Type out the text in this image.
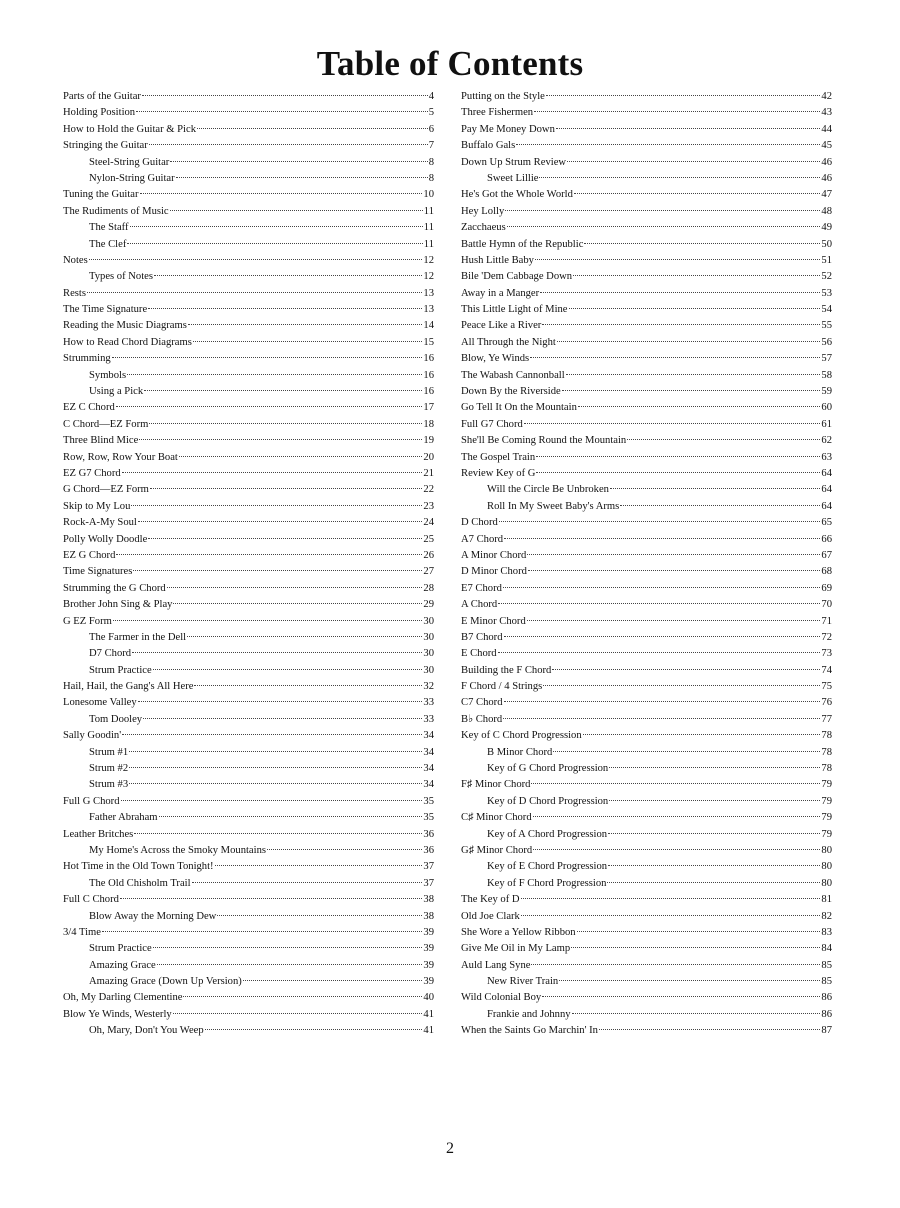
Table of Contents
Parts of the Guitar	4
Holding Position	5
How to Hold the Guitar & Pick	6
Stringing the Guitar	7
Steel-String Guitar	8
Nylon-String Guitar	8
Tuning the Guitar	10
The Rudiments of Music	11
The Staff	11
The Clef	11
Notes	12
Types of Notes	12
Rests	13
The Time Signature	13
Reading the Music Diagrams	14
How to Read Chord Diagrams	15
Strumming	16
Symbols	16
Using a Pick	16
EZ C Chord	17
C Chord—EZ Form	18
Three Blind Mice	19
Row, Row, Row Your Boat	20
EZ G7 Chord	21
G Chord—EZ Form	22
Skip to My Lou	23
Rock-A-My Soul	24
Polly Wolly Doodle	25
EZ G Chord	26
Time Signatures	27
Strumming the G Chord	28
Brother John Sing & Play	29
G EZ Form	30
The Farmer in the Dell	30
D7 Chord	30
Strum Practice	30
Hail, Hail, the Gang's All Here	32
Lonesome Valley	33
Tom Dooley	33
Sally Goodin'	34
Strum #1	34
Strum #2	34
Strum #3	34
Full G Chord	35
Father Abraham	35
Leather Britches	36
My Home's Across the Smoky Mountains	36
Hot Time in the Old Town Tonight!	37
The Old Chisholm Trail	37
Full C Chord	38
Blow Away the Morning Dew	38
3/4 Time	39
Strum Practice	39
Amazing Grace	39
Amazing Grace (Down Up Version)	39
Oh, My Darling Clementine	40
Blow Ye Winds, Westerly	41
Oh, Mary, Don't You Weep	41
Putting on the Style	42
Three Fishermen	43
Pay Me Money Down	44
Buffalo Gals	45
Down Up Strum Review	46
Sweet Lillie	46
He's Got the Whole World	47
Hey Lolly	48
Zacchaeus	49
Battle Hymn of the Republic	50
Hush Little Baby	51
Bile 'Dem Cabbage Down	52
Away in a Manger	53
This Little Light of Mine	54
Peace Like a River	55
All Through the Night	56
Blow, Ye Winds	57
The Wabash Cannonball	58
Down By the Riverside	59
Go Tell It On the Mountain	60
Full G7 Chord	61
She'll Be Coming Round the Mountain	62
The Gospel Train	63
Review Key of G	64
Will the Circle Be Unbroken	64
Roll In My Sweet Baby's Arms	64
D Chord	65
A7 Chord	66
A Minor Chord	67
D Minor Chord	68
E7 Chord	69
A Chord	70
E Minor Chord	71
B7 Chord	72
E Chord	73
Building the F Chord	74
F Chord / 4 Strings	75
C7 Chord	76
B♭ Chord	77
Key of C Chord Progression	78
B Minor Chord	78
Key of G Chord Progression	78
F♯ Minor Chord	79
Key of D Chord Progression	79
C♯ Minor Chord	79
Key of A Chord Progression	79
G♯ Minor Chord	80
Key of E Chord Progression	80
Key of F Chord Progression	80
The Key of D	81
Old Joe Clark	82
She Wore a Yellow Ribbon	83
Give Me Oil in My Lamp	84
Auld Lang Syne	85
New River Train	85
Wild Colonial Boy	86
Frankie and Johnny	86
When the Saints Go Marchin' In	87
2
